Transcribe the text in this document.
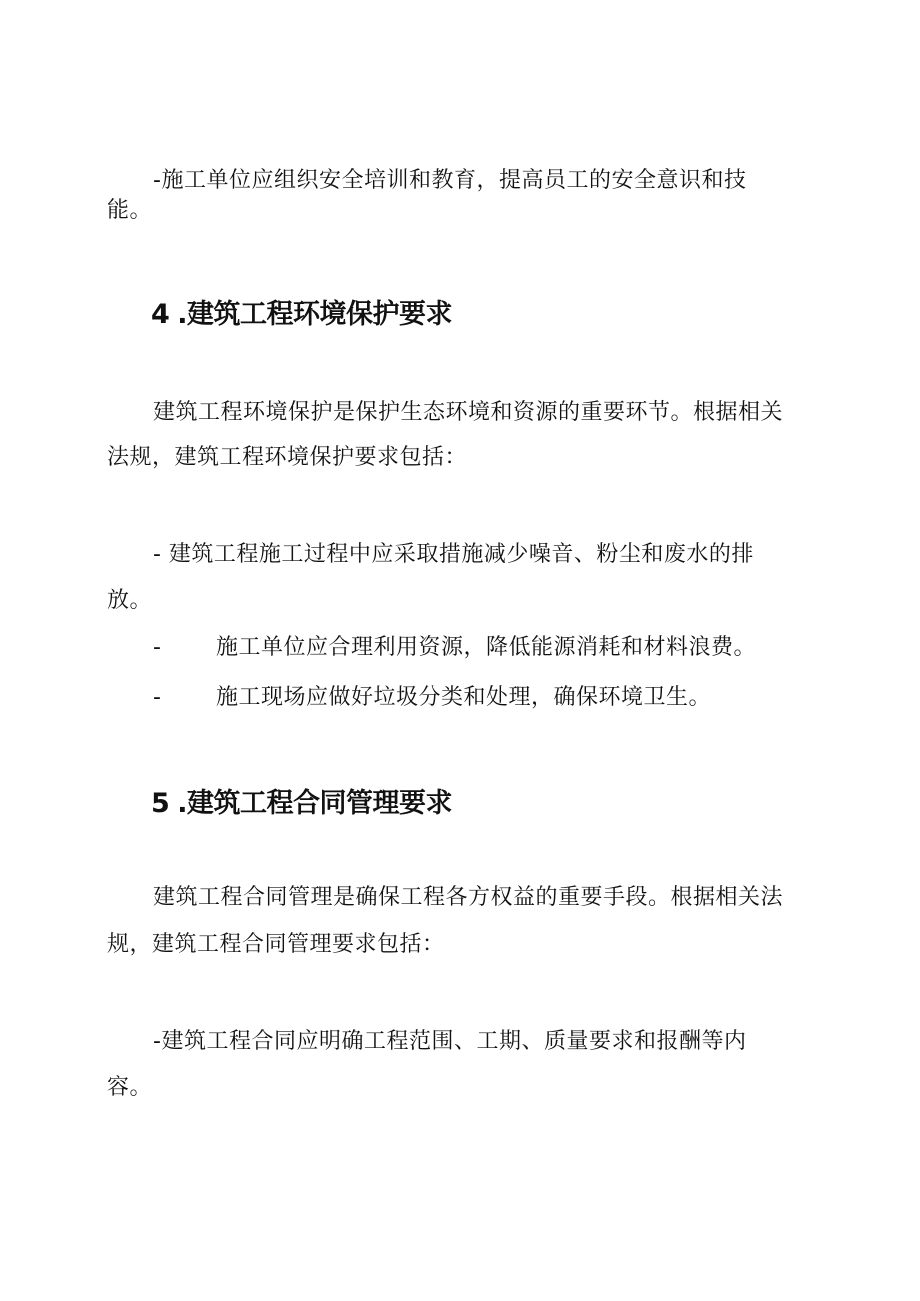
-施工单位应组织安全培训和教育，提高员工的安全意识和技
能。
4 .建筑工程环境保护要求
建筑工程环境保护是保护生态环境和资源的重要环节。根据相关
法规，建筑工程环境保护要求包括：
- 建筑工程施工过程中应采取措施减少噪音、粉尘和废水的排
放。
-	施工单位应合理利用资源，降低能源消耗和材料浪费。
-	施工现场应做好垃圾分类和处理，确保环境卫生。
5 .建筑工程合同管理要求
建筑工程合同管理是确保工程各方权益的重要手段。根据相关法
规，建筑工程合同管理要求包括：
-建筑工程合同应明确工程范围、工期、质量要求和报酬等内
容。
